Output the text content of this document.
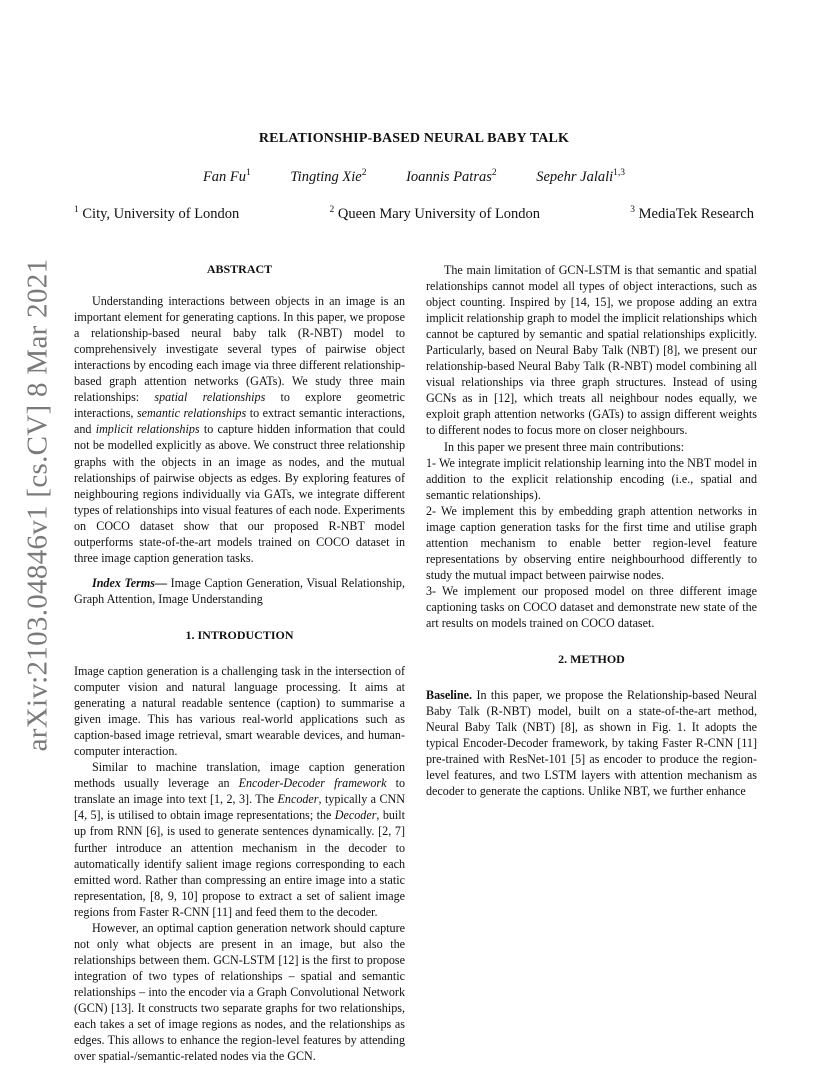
arXiv:2103.04846v1 [cs.CV] 8 Mar 2021
RELATIONSHIP-BASED NEURAL BABY TALK
Fan Fu$^1$	Tingting Xie$^2$	Ioannis Patras$^2$	Sepehr Jalali$^{1,3}$
$^1$ City, University of London	$^2$ Queen Mary University of London	$^3$ MediaTek Research

ABSTRACT

Understanding interactions between objects in an image is an important element for generating captions. In this paper, we propose a relationship-based neural baby talk (R-NBT) model to comprehensively investigate several types of pairwise object interactions by encoding each image via three different relationship-based graph attention networks (GATs). We study three main relationships: spatial relationships to explore geometric interactions, semantic relationships to extract semantic interactions, and implicit relationships to capture hidden information that could not be modelled explicitly as above. We construct three relationship graphs with the objects in an image as nodes, and the mutual relationships of pairwise objects as edges. By exploring features of neighbouring regions individually via GATs, we integrate different types of relationships into visual features of each node. Experiments on COCO dataset show that our proposed R-NBT model outperforms state-of-the-art models trained on COCO dataset in three image caption generation tasks.

Index Terms— Image Caption Generation, Visual Relationship, Graph Attention, Image Understanding

1. INTRODUCTION

Image caption generation is a challenging task in the intersection of computer vision and natural language processing. It aims at generating a natural readable sentence (caption) to summarise a given image. This has various real-world applications such as caption-based image retrieval, smart wearable devices, and human-computer interaction.

Similar to machine translation, image caption generation methods usually leverage an Encoder-Decoder framework to translate an image into text [1, 2, 3]. The Encoder, typically a CNN [4, 5], is utilised to obtain image representations; the Decoder, built up from RNN [6], is used to generate sentences dynamically. [2, 7] further introduce an attention mechanism in the decoder to automatically identify salient image regions corresponding to each emitted word. Rather than compressing an entire image into a static representation, [8, 9, 10] propose to extract a set of salient image regions from Faster R-CNN [11] and feed them to the decoder.

However, an optimal caption generation network should capture not only what objects are present in an image, but also the relationships between them. GCN-LSTM [12] is the first to propose integration of two types of relationships – spatial and semantic relationships – into the encoder via a Graph Convolutional Network (GCN) [13]. It constructs two separate graphs for two relationships, each takes a set of image regions as nodes, and the relationships as edges. This allows to enhance the region-level features by attending over spatial-/semantic-related nodes via the GCN.

The main limitation of GCN-LSTM is that semantic and spatial relationships cannot model all types of object interactions, such as object counting. Inspired by [14, 15], we propose adding an extra implicit relationship graph to model the implicit relationships which cannot be captured by semantic and spatial relationships explicitly. Particularly, based on Neural Baby Talk (NBT) [8], we present our relationship-based Neural Baby Talk (R-NBT) model combining all visual relationships via three graph structures. Instead of using GCNs as in [12], which treats all neighbour nodes equally, we exploit graph attention networks (GATs) to assign different weights to different nodes to focus more on closer neighbours.

In this paper we present three main contributions:

1- We integrate implicit relationship learning into the NBT model in addition to the explicit relationship encoding (i.e., spatial and semantic relationships).

2- We implement this by embedding graph attention networks in image caption generation tasks for the first time and utilise graph attention mechanism to enable better region-level feature representations by observing entire neighbourhood differently to study the mutual impact between pairwise nodes.

3- We implement our proposed model on three different image captioning tasks on COCO dataset and demonstrate new state of the art results on models trained on COCO dataset.

2. METHOD

Baseline. In this paper, we propose the Relationship-based Neural Baby Talk (R-NBT) model, built on a state-of-the-art method, Neural Baby Talk (NBT) [8], as shown in Fig. 1. It adopts the typical Encoder-Decoder framework, by taking Faster R-CNN [11] pre-trained with ResNet-101 [5] as encoder to produce the region-level features, and two LSTM layers with attention mechanism as decoder to generate the captions. Unlike NBT, we further enhance
